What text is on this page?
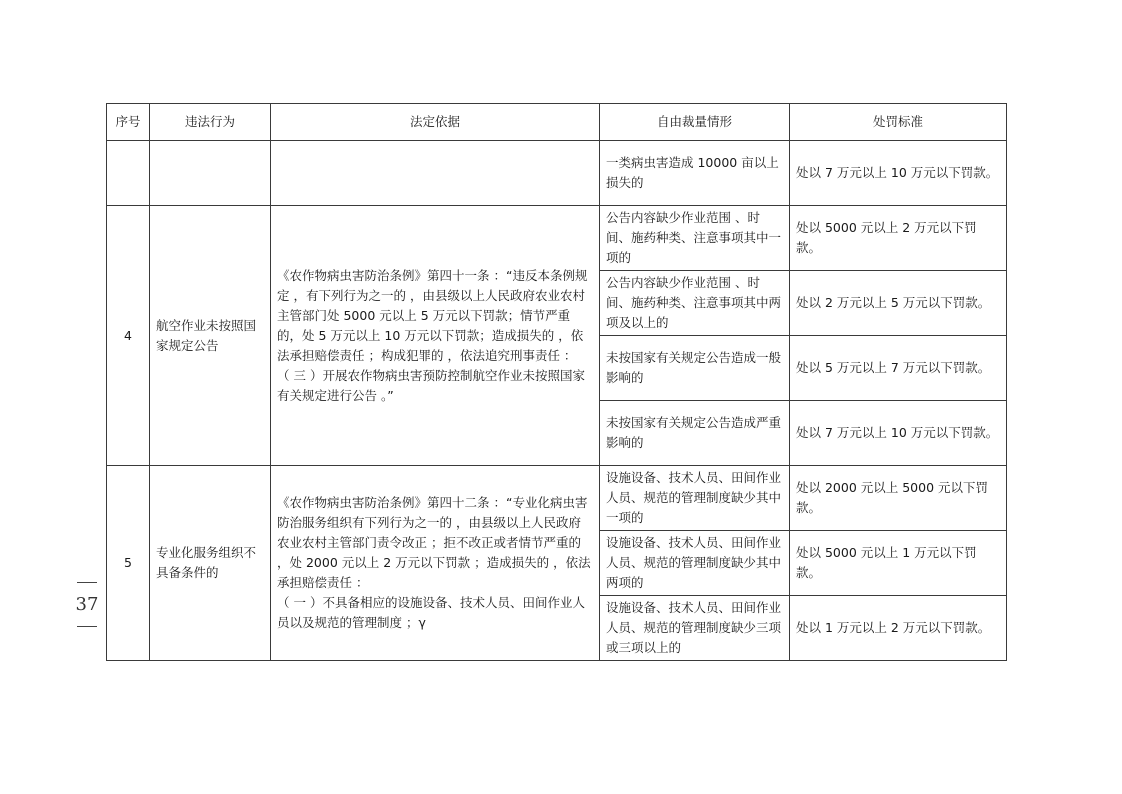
序号	违法行为	法定依据	自由裁量情形	处罚标准
			一类病虫害造成 10000 亩以上损失的	处以 7 万元以上 10 万元以下罚款。
4	航空作业未按照国家规定公告	《农作物病虫害防治条例》第四十一条 ：“违反本条例规定 ，有下列行为之一的 ，由县级以上人民政府农业农村主管部门处 5000 元以上 5 万元以下罚款；情节严重的，处 5 万元以上 10 万元以下罚款；造成损失的 ，依法承担赔偿责任 ；构成犯罪的 ，依法追究刑事责任 ：
（ 三 ）开展农作物病虫害预防控制航空作业未按照国家有关规定进行公告 。”	公告内容缺少作业范围 、时间、施药种类、注意事项其中一项的	处以 5000 元以上 2 万元以下罚款。
			公告内容缺少作业范围 、时间、施药种类、注意事项其中两项及以上的	处以 2 万元以上 5 万元以下罚款。
			未按国家有关规定公告造成一般影响的	处以 5 万元以上 7 万元以下罚款。
			未按国家有关规定公告造成严重影响的	处以 7 万元以上 10 万元以下罚款。
5	专业化服务组织不具备条件的	《农作物病虫害防治条例》第四十二条 ：“专业化病虫害防治服务组织有下列行为之一的 ，由县级以上人民政府农业农村主管部门责令改正 ；拒不改正或者情节严重的 ，处 2000 元以上 2 万元以下罚款 ；造成损失的 ，依法承担赔偿责任 ：
（ 一 ）不具备相应的设施设备、技术人员、田间作业人员以及规范的管理制度 ；γ	设施设备、技术人员、田间作业人员、规范的管理制度缺少其中一项的	处以 2000 元以上 5000 元以下罚款。
			设施设备、技术人员、田间作业人员、规范的管理制度缺少其中两项的	处以 5000 元以上 1 万元以下罚款。
			设施设备、技术人员、田间作业人员、规范的管理制度缺少三项或三项以上的	处以 1 万元以上 2 万元以下罚款。
37
